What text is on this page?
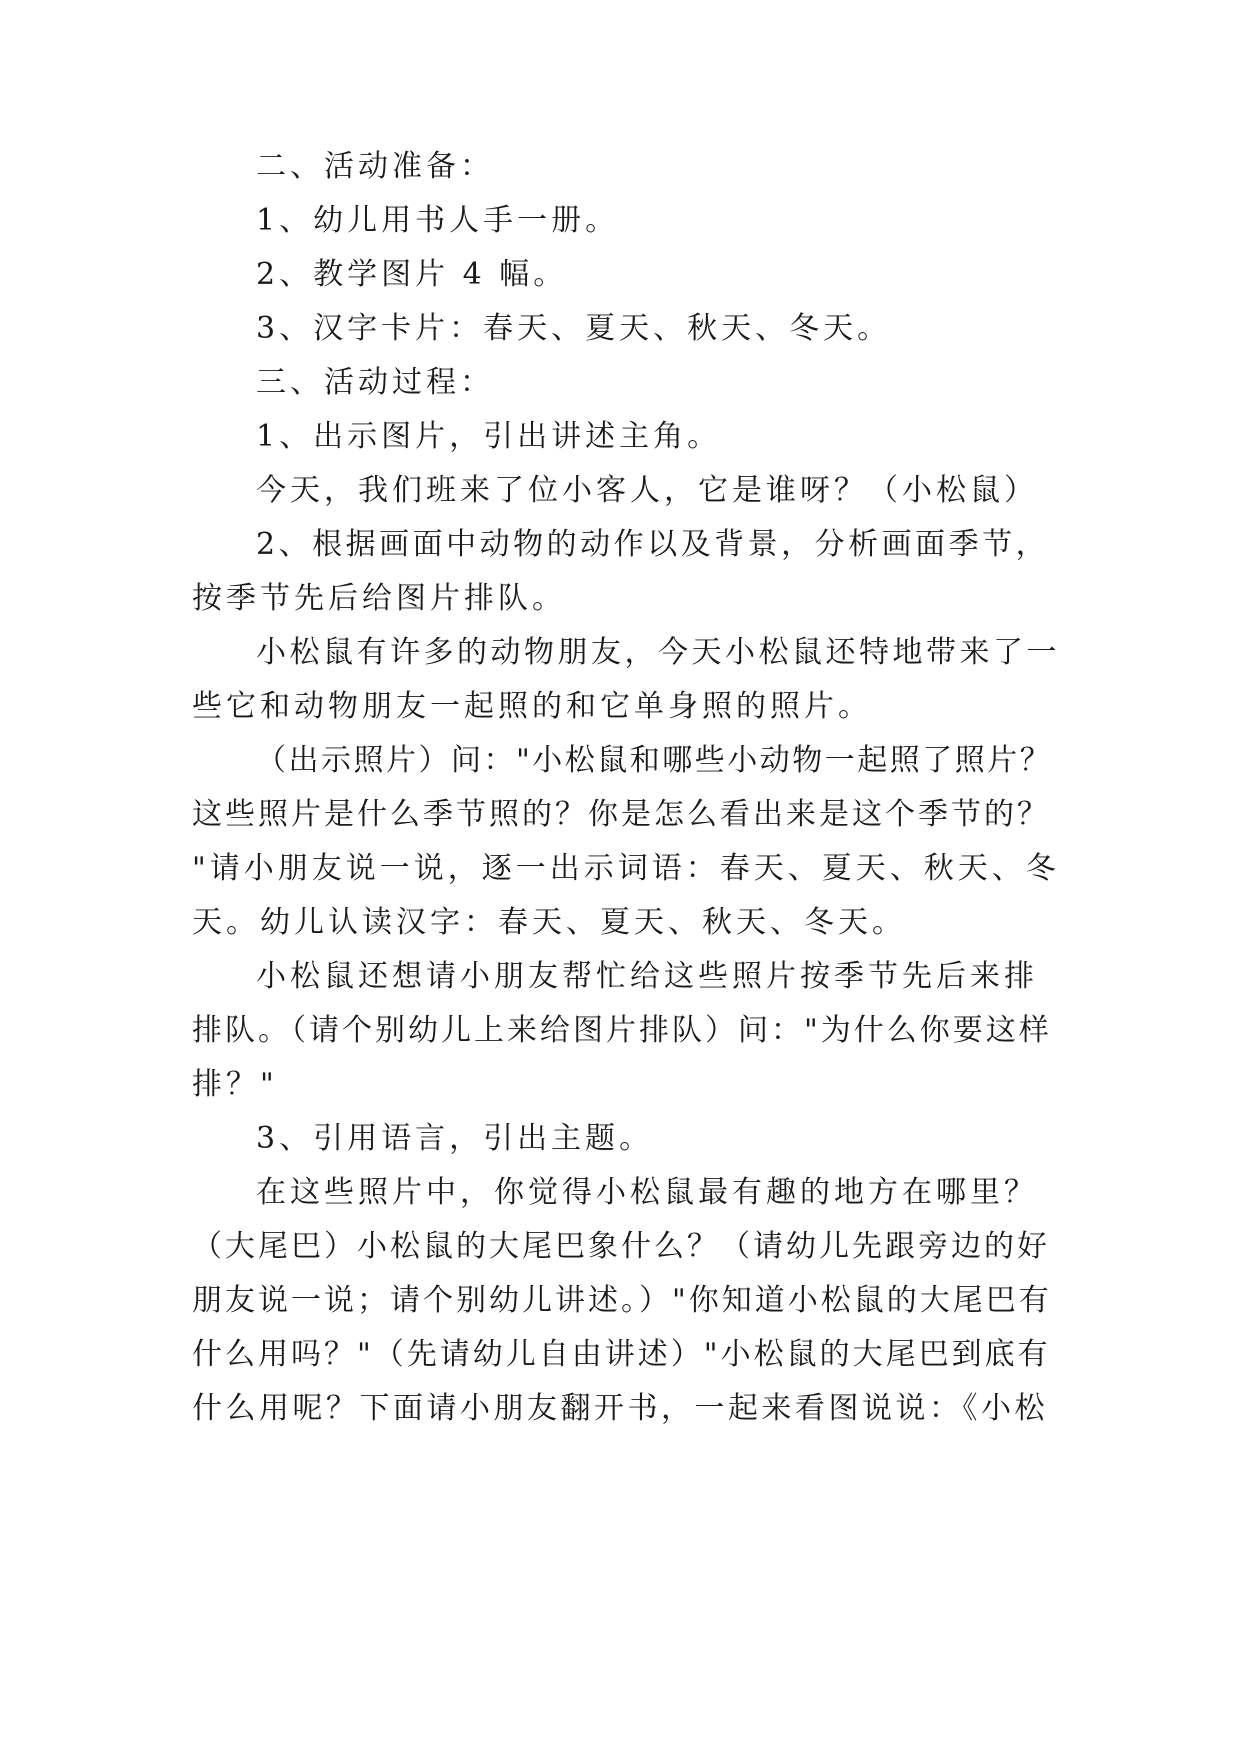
二、活动准备：
1、幼儿用书人手一册。
2、教学图片 4 幅。
3、汉字卡片：春天、夏天、秋天、冬天。
三、活动过程：
1、出示图片，引出讲述主角。
今天，我们班来了位小客人，它是谁呀？（小松鼠）
2、根据画面中动物的动作以及背景，分析画面季节，
按季节先后给图片排队。
小松鼠有许多的动物朋友，今天小松鼠还特地带来了一
些它和动物朋友一起照的和它单身照的照片。
（出示照片）问："小松鼠和哪些小动物一起照了照片？
这些照片是什么季节照的？你是怎么看出来是这个季节的？
"请小朋友说一说，逐一出示词语：春天、夏天、秋天、冬
天。幼儿认读汉字：春天、夏天、秋天、冬天。
小松鼠还想请小朋友帮忙给这些照片按季节先后来排
排队。（请个别幼儿上来给图片排队）问："为什么你要这样
排？"
3、引用语言，引出主题。
在这些照片中，你觉得小松鼠最有趣的地方在哪里？
（大尾巴）小松鼠的大尾巴象什么？（请幼儿先跟旁边的好
朋友说一说；请个别幼儿讲述。）"你知道小松鼠的大尾巴有
什么用吗？"（先请幼儿自由讲述）"小松鼠的大尾巴到底有
什么用呢？下面请小朋友翻开书，一起来看图说说：《小松
